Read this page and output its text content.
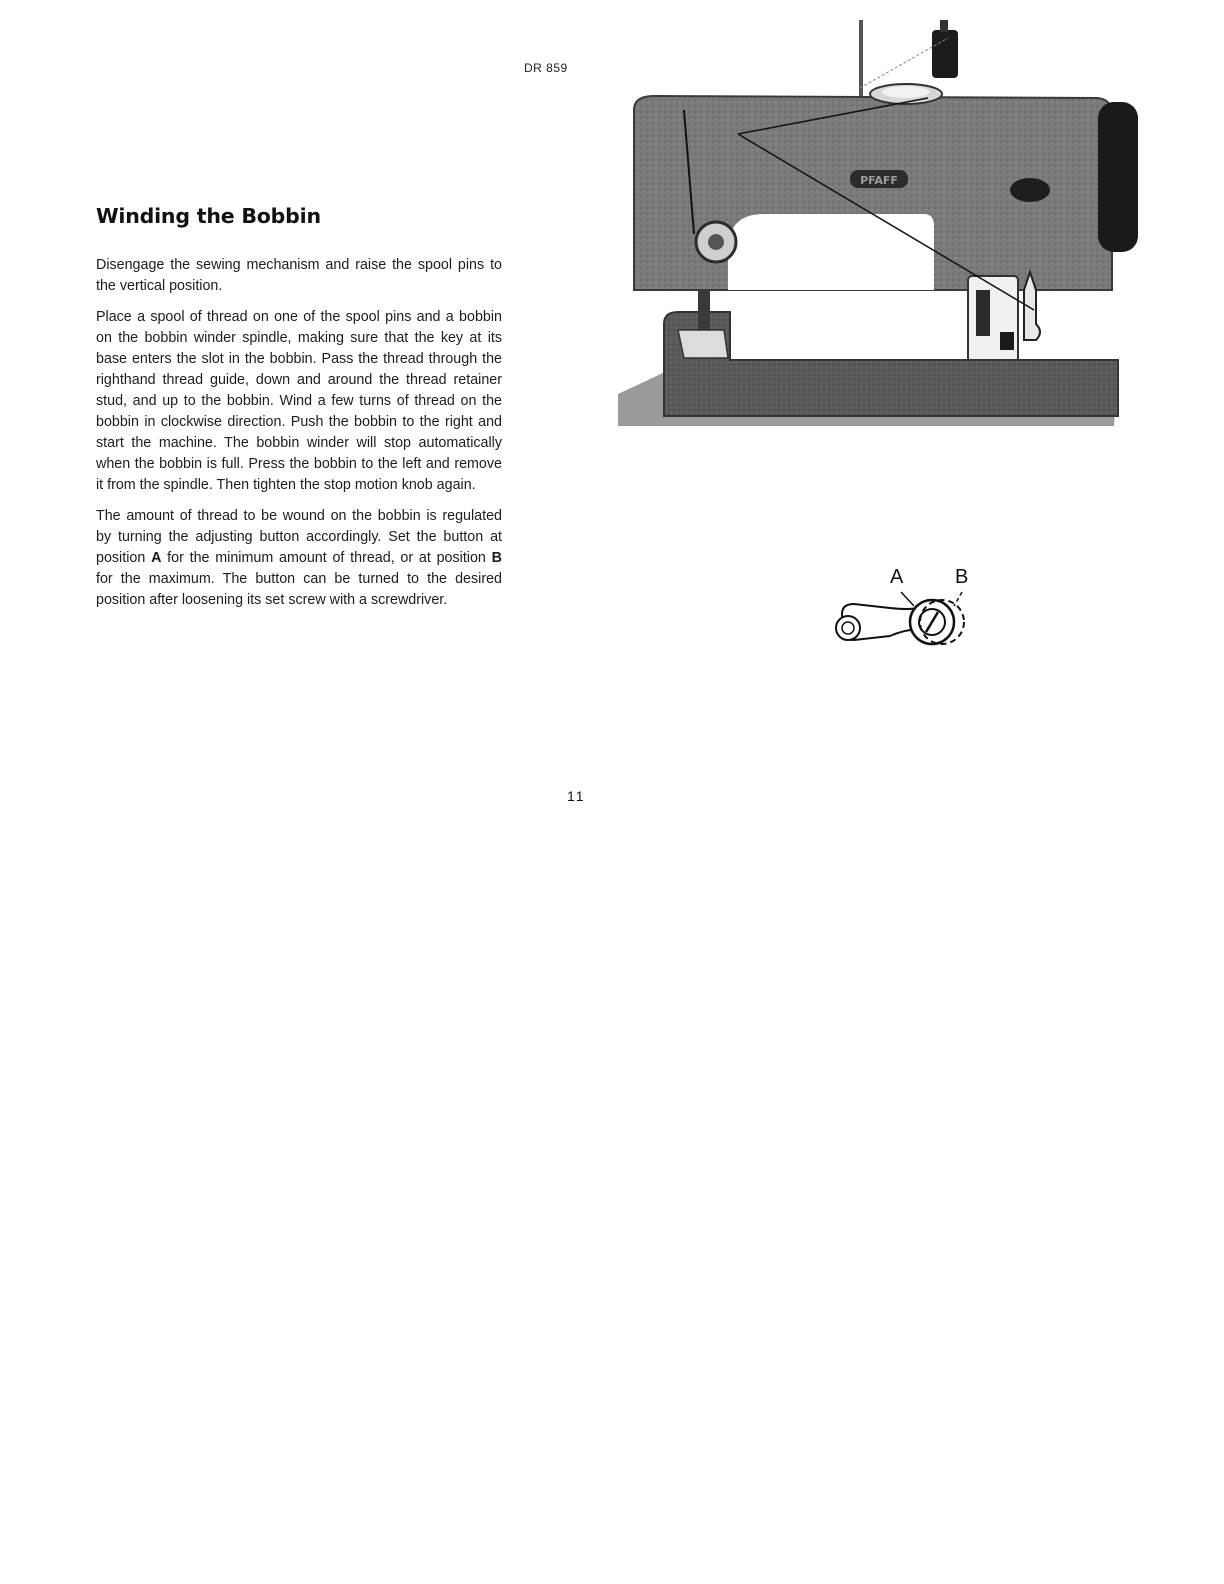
DR 859
Winding the Bobbin

Disengage the sewing mechanism and raise the spool pins to the vertical position.

Place a spool of thread on one of the spool pins and a bobbin on the bobbin winder spindle, making sure that the key at its base enters the slot in the bobbin. Pass the thread through the righthand thread guide, down and around the thread retainer stud, and up to the bobbin. Wind a few turns of thread on the bobbin in clockwise direction. Push the bobbin to the right and start the machine. The bobbin winder will stop automatically when the bobbin is full. Press the bobbin to the left and remove it from the spindle. Then tighten the stop motion knob again.

The amount of thread to be wound on the bobbin is regulated by turning the adjusting button accordingly. Set the button at position A for the minimum amount of thread, or at position B for the maximum. The button can be turned to the desired position after loosening its set screw with a screwdriver.

PFAFF
A	B
11
